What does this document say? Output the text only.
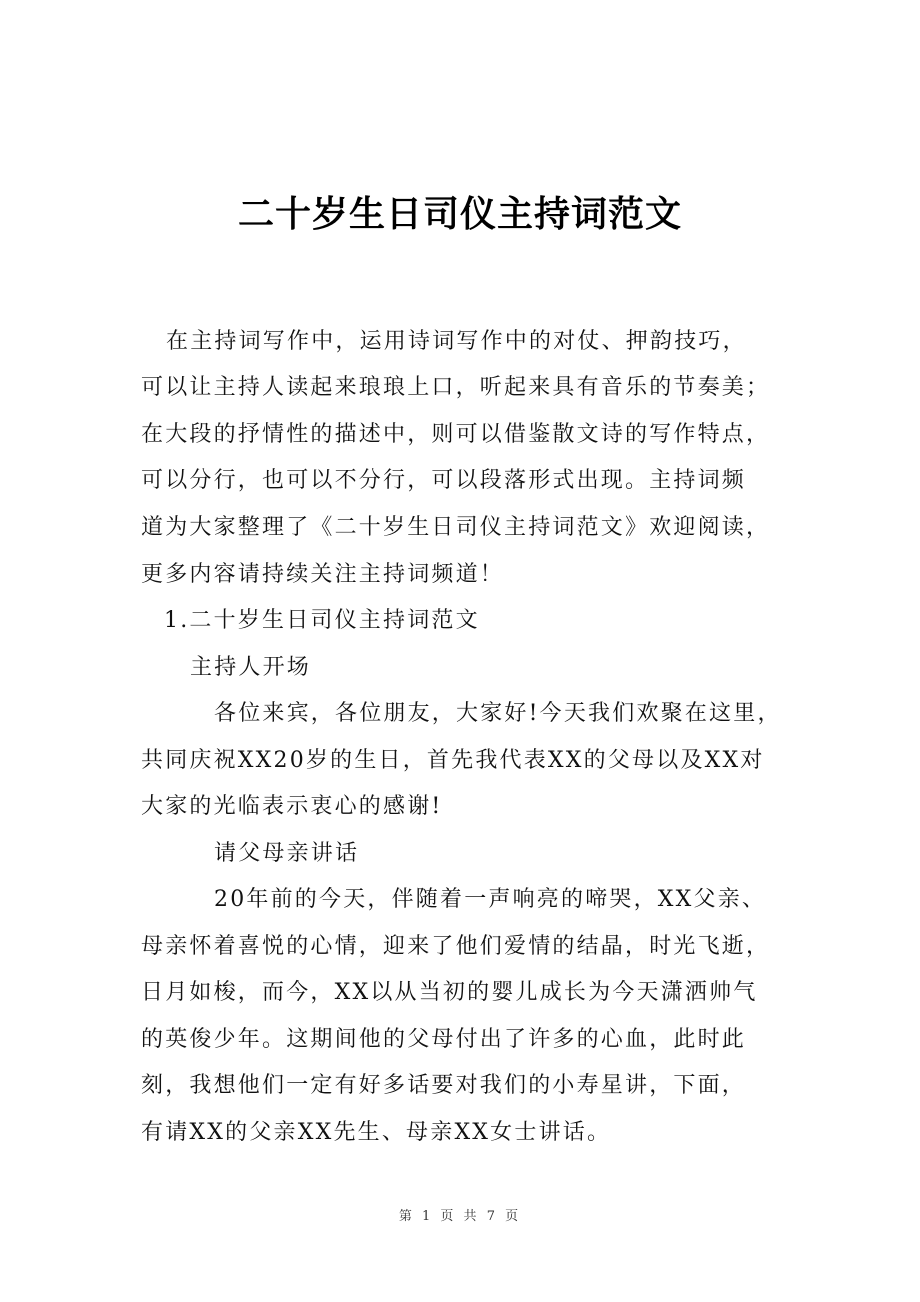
二十岁生日司仪主持词范文
在主持词写作中，运用诗词写作中的对仗、押韵技巧，
可以让主持人读起来琅琅上口，听起来具有音乐的节奏美；
在大段的抒情性的描述中，则可以借鉴散文诗的写作特点，
可以分行，也可以不分行，可以段落形式出现。主持词频
道为大家整理了《二十岁生日司仪主持词范文》欢迎阅读，
更多内容请持续关注主持词频道！
1.二十岁生日司仪主持词范文
主持人开场
各位来宾，各位朋友，大家好!今天我们欢聚在这里，
共同庆祝XX20岁的生日，首先我代表XX的父母以及XX对
大家的光临表示衷心的感谢!
请父母亲讲话
20年前的今天，伴随着一声响亮的啼哭，XX父亲、
母亲怀着喜悦的心情，迎来了他们爱情的结晶，时光飞逝，
日月如梭，而今，XX以从当初的婴儿成长为今天潇洒帅气
的英俊少年。这期间他的父母付出了许多的心血，此时此
刻，我想他们一定有好多话要对我们的小寿星讲，下面，
有请XX的父亲XX先生、母亲XX女士讲话。
第 1 页 共 7 页
